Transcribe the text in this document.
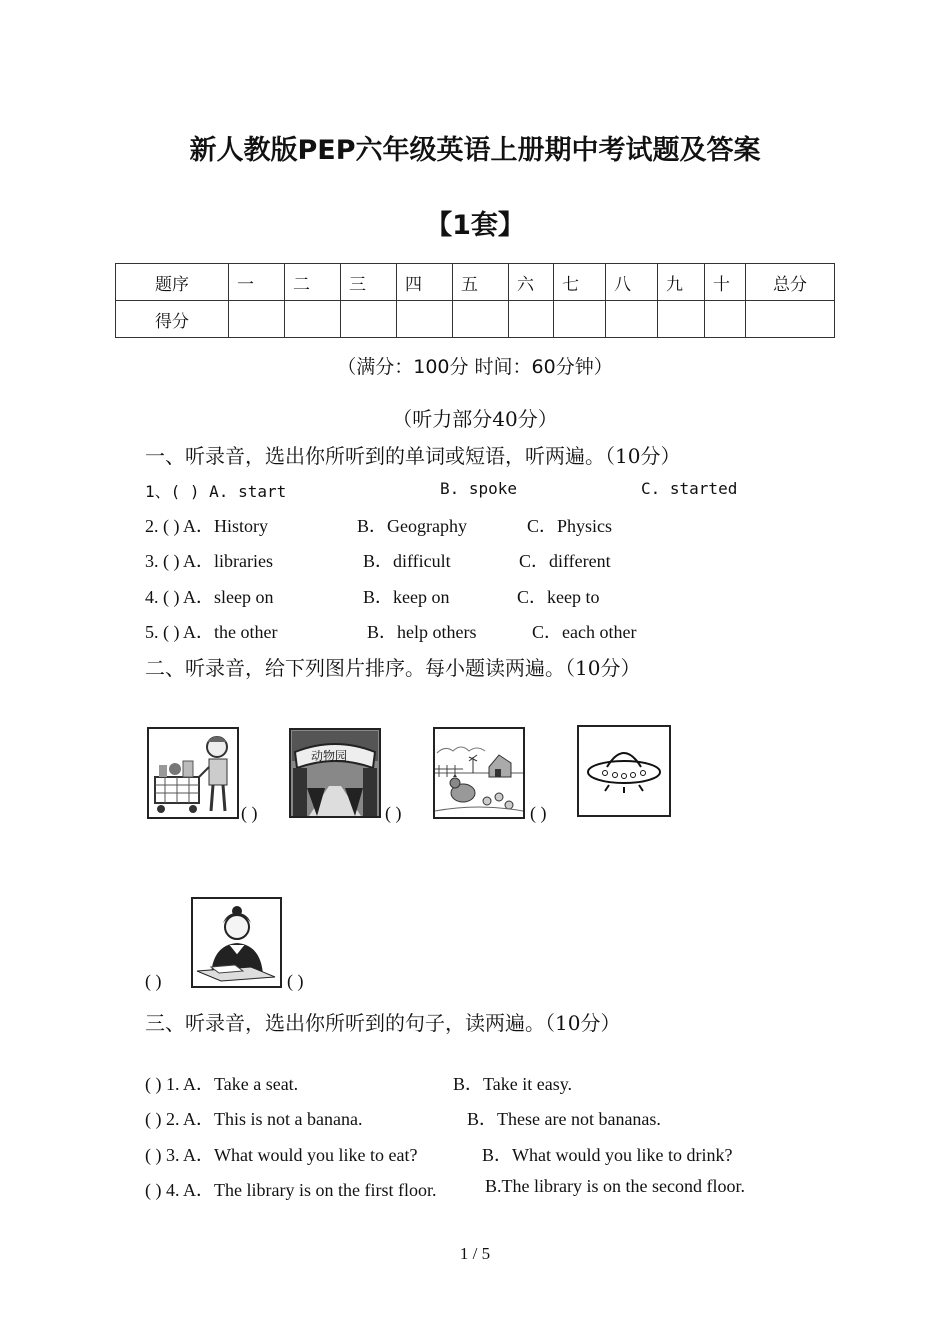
新人教版PEP六年级英语上册期中考试题及答案
【1套】
题序	一	二	三	四	五	六	七	八	九	十	总分
得分											
（满分：100分 时间：60分钟）
（听力部分40分）
一、听录音，选出你所听到的单词或短语，听两遍。（10分）
1、( ) A. start	B. spoke	C. started
2. ( ) A．History	B．Geography	C．Physics
3. ( ) A．libraries	B．difficult	C．different
4. ( ) A．sleep on	B．keep on	C．keep to
5. ( ) A．the other	B．help others	C．each other
二、听录音，给下列图片排序。每小题读两遍。（10分）
( )
动物园
( )	( )
( )	( )
三、听录音，选出你所听到的句子，读两遍。（10分）
( ) 1. A．Take a seat.	B．Take it easy.
( ) 2. A．This is not a banana.	B．These are not bananas.
( ) 3. A．What would you like to eat?	B．What would you like to drink?
( ) 4. A．The library is on the first floor.	B.The library is on the second floor.
1 / 5
